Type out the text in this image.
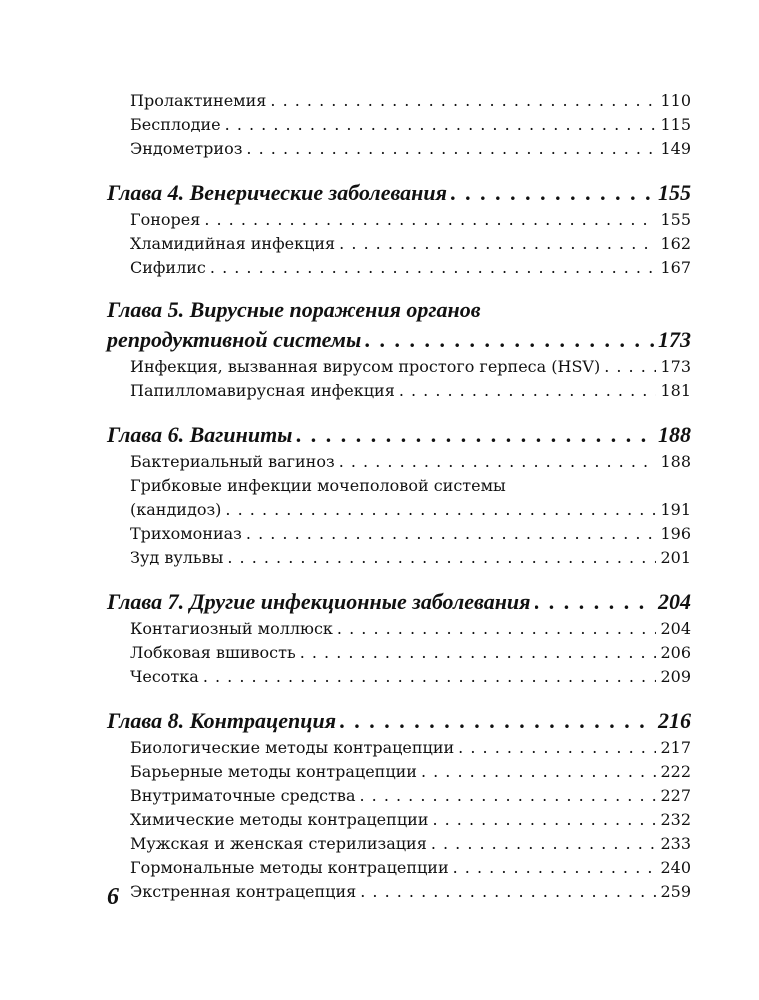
Пролактинемия . . .	110
Бесплодие . . .	115
Эндометриоз . . .	149
Глава 4. Венерические заболевания . . .	155
Гонорея . . .	155
Хламидийная инфекция . . .	162
Сифилис . . .	167
Глава 5. Вирусные поражения органов
репродуктивной системы . . .	173
Инфекция, вызванная вирусом простого герпеса (HSV) . . .	173
Папилломавирусная инфекция . . .	181
Глава 6. Вагиниты . . .	188
Бактериальный вагиноз . . .	188
Грибковые инфекции мочеполовой системы
(кандидоз) . . .	191
Трихомониаз . . .	196
Зуд вульвы . . .	201
Глава 7. Другие инфекционные заболевания . . .	204
Контагиозный моллюск . . .	204
Лобковая вшивость . . .	206
Чесотка . . .	209
Глава 8. Контрацепция . . .	216
Биологические методы контрацепции . . .	217
Барьерные методы контрацепции . . .	222
Внутриматочные средства . . .	227
Химические методы контрацепции . . .	232
Мужская и женская стерилизация . . .	233
Гормональные методы контрацепции . . .	240
Экстренная контрацепция . . .	259
6
